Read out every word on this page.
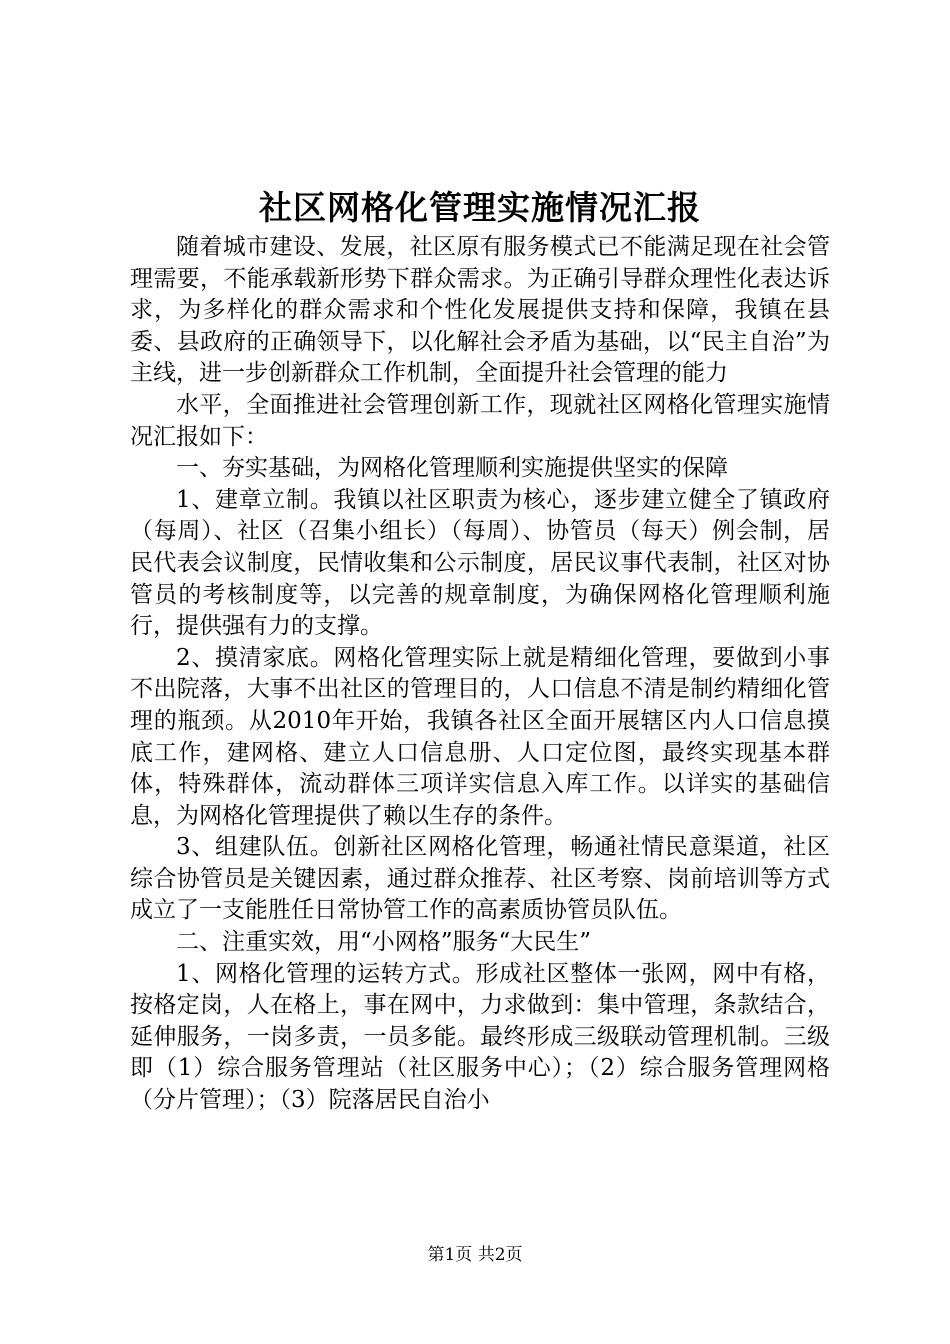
社区网格化管理实施情况汇报

随着城市建设、发展，社区原有服务模式已不能满足现在社会管理需要，不能承载新形势下群众需求。为正确引导群众理性化表达诉求，为多样化的群众需求和个性化发展提供支持和保障，我镇在县委、县政府的正确领导下，以化解社会矛盾为基础，以“民主自治”为主线，进一步创新群众工作机制，全面提升社会管理的能力

水平，全面推进社会管理创新工作，现就社区网格化管理实施情况汇报如下：

一、夯实基础，为网格化管理顺利实施提供坚实的保障

1、建章立制。我镇以社区职责为核心，逐步建立健全了镇政府（每周）、社区（召集小组长）（每周）、协管员（每天）例会制，居民代表会议制度，民情收集和公示制度，居民议事代表制，社区对协管员的考核制度等，以完善的规章制度，为确保网格化管理顺利施行，提供强有力的支撑。

2、摸清家底。网格化管理实际上就是精细化管理，要做到小事不出院落，大事不出社区的管理目的，人口信息不清是制约精细化管理的瓶颈。从2010年开始，我镇各社区全面开展辖区内人口信息摸底工作，建网格、建立人口信息册、人口定位图，最终实现基本群体，特殊群体，流动群体三项详实信息入库工作。以详实的基础信息，为网格化管理提供了赖以生存的条件。

3、组建队伍。创新社区网格化管理，畅通社情民意渠道，社区综合协管员是关键因素，通过群众推荐、社区考察、岗前培训等方式成立了一支能胜任日常协管工作的高素质协管员队伍。

二、注重实效，用“小网格”服务“大民生”

1、网格化管理的运转方式。形成社区整体一张网，网中有格，按格定岗，人在格上，事在网中，力求做到：集中管理，条款结合，延伸服务，一岗多责，一员多能。最终形成三级联动管理机制。三级即（1）综合服务管理站（社区服务中心）；（2）综合服务管理网格（分片管理）；（3）院落居民自治小

第1页 共2页
